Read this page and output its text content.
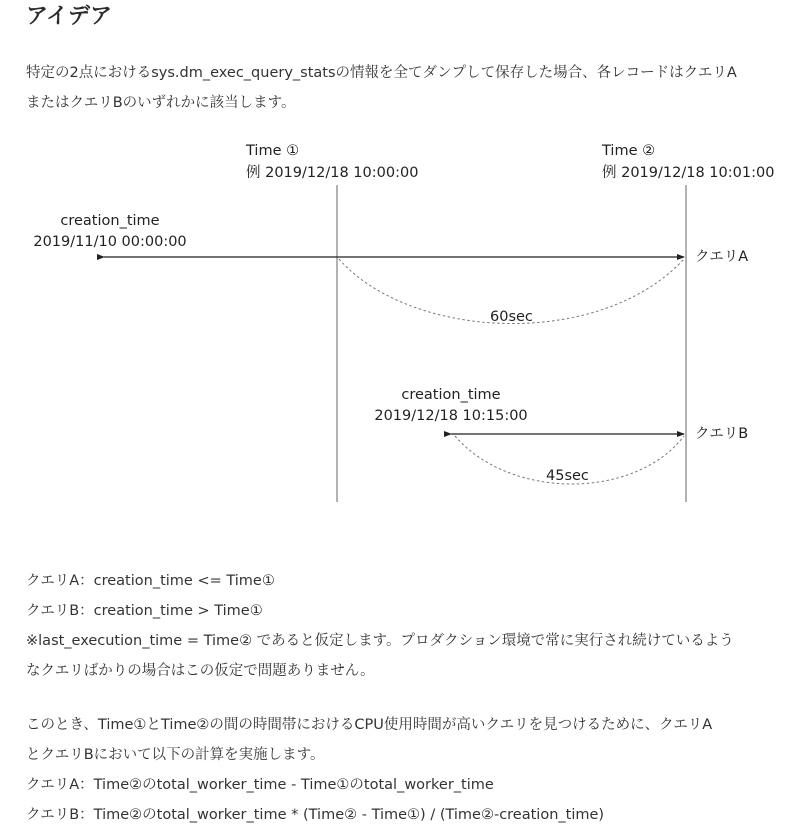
アイデア
特定の2点におけるsys.dm_exec_query_statsの情報を全てダンプして保存した場合、各レコードはクエリA
またはクエリBのいずれかに該当します。
Time ①
例 2019/12/18 10:00:00
Time ②
例 2019/12/18 10:01:00
creation_time
2019/11/10 00:00:00
クエリA
60sec
creation_time
2019/12/18 10:15:00
クエリB
45sec
クエリA：creation_time <= Time①
クエリB：creation_time > Time①
※last_execution_time = Time② であると仮定します。プロダクション環境で常に実行され続けているよう
なクエリばかりの場合はこの仮定で問題ありません。
このとき、Time①とTime②の間の時間帯におけるCPU使用時間が高いクエリを見つけるために、クエリA
とクエリBにおいて以下の計算を実施します。
クエリA：Time②のtotal_worker_time - Time①のtotal_worker_time
クエリB：Time②のtotal_worker_time * (Time② - Time①) / (Time②-creation_time)
